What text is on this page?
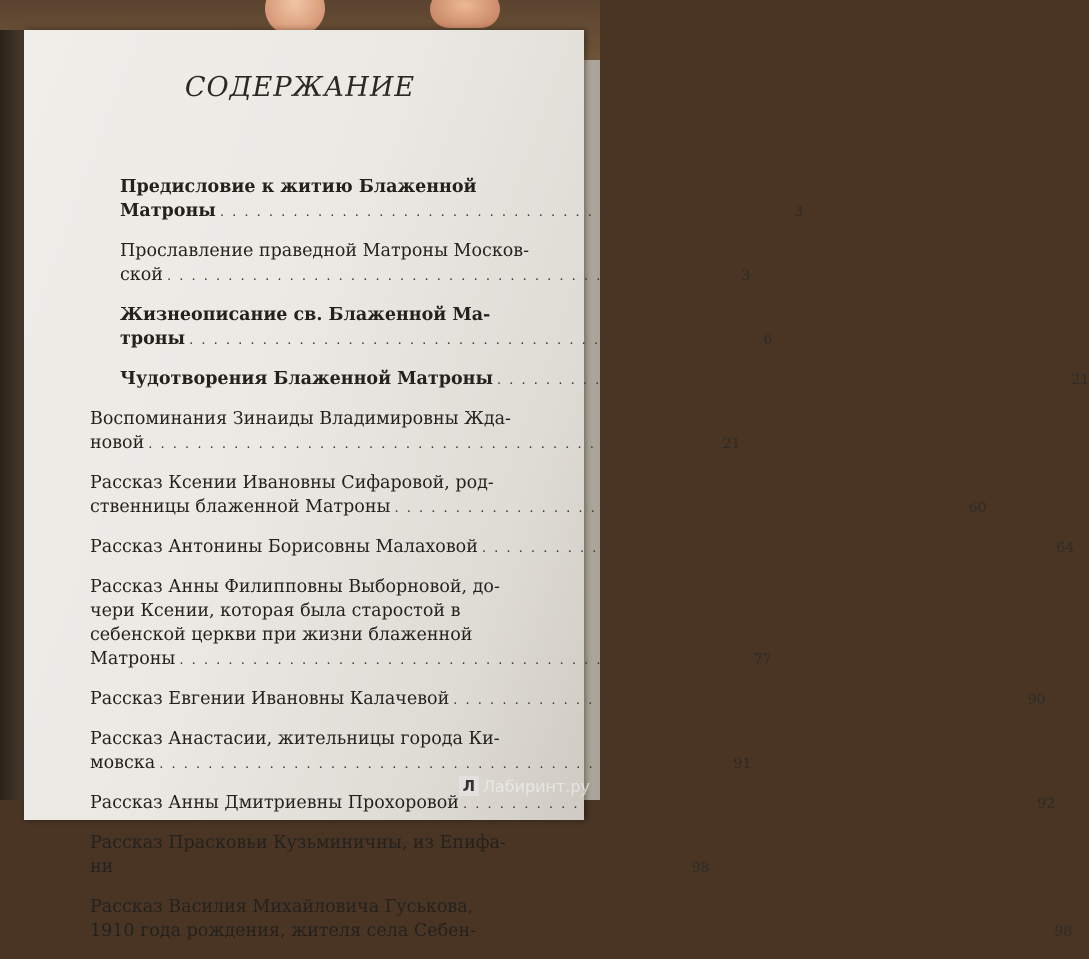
СОДЕРЖАНИЕ
Предисловие к житию Блаженной
Матроны . . . . . . . . . . . . . . . . . . . . . . . . . . . . . . . . . . . . . . . . . . . . . . . 3
Прославление праведной Матроны Москов-
ской . . . . . . . . . . . . . . . . . . . . . . . . . . . . . . . . . . . . . . . . . . . . . . . 3
Жизнеописание св. Блаженной Ма-
троны . . . . . . . . . . . . . . . . . . . . . . . . . . . . . . . . . . . . . . . . . . . . . . . 6
Чудотворения Блаженной Матроны . . . . . . . . . . . . . . . . . . . . . . . . . . . . . . . . . . . . . . . . . . . . . . . 21
Воспоминания Зинаиды Владимировны Жда-
новой . . . . . . . . . . . . . . . . . . . . . . . . . . . . . . . . . . . . . . . . . . . . . . . 21
Рассказ Ксении Ивановны Сифаровой, род-
ственницы блаженной Матроны . . . . . . . . . . . . . . . . . . . . . . . . . . . . . . . . . . . . . . . . . . . . . . . 60
Рассказ Антонины Борисовны Малаховой . . . . . . . . . . . . . . . . . . . . . . . . . . . . . . . . . . . . . . . . . . . . . . . 64
Рассказ Анны Филипповны Выборновой, до-
чери Ксении, которая была старостой в
себенской церкви при жизни блаженной
Матроны . . . . . . . . . . . . . . . . . . . . . . . . . . . . . . . . . . . . . . . . . . . . . . . 77
Рассказ Евгении Ивановны Калачевой . . . . . . . . . . . . . . . . . . . . . . . . . . . . . . . . . . . . . . . . . . . . . . . 90
Рассказ Анастасии, жительницы города Ки-
мовска . . . . . . . . . . . . . . . . . . . . . . . . . . . . . . . . . . . . . . . . . . . . . . . 91
Рассказ Анны Дмитриевны Прохоровой . . . . . . . . . . . . . . . . . . . . . . . . . . . . . . . . . . . . . . . . . . . . . . . 92
Рассказ Прасковьи Кузьминичны, из Епифа-
ни . . . . . . . . . . . . . . . . . . . . . . . . . . . . . . . . . . . . . . . . . . . . . . . 98
Рассказ Василия Михайловича Гуськова,
1910 года рождения, жителя села Себен- . . . . . . . . . . . . . . . . . . . . . . . . . . . . . . . . . . . . . . . . . . . . . . . 98
Л Лабиринт.ру
